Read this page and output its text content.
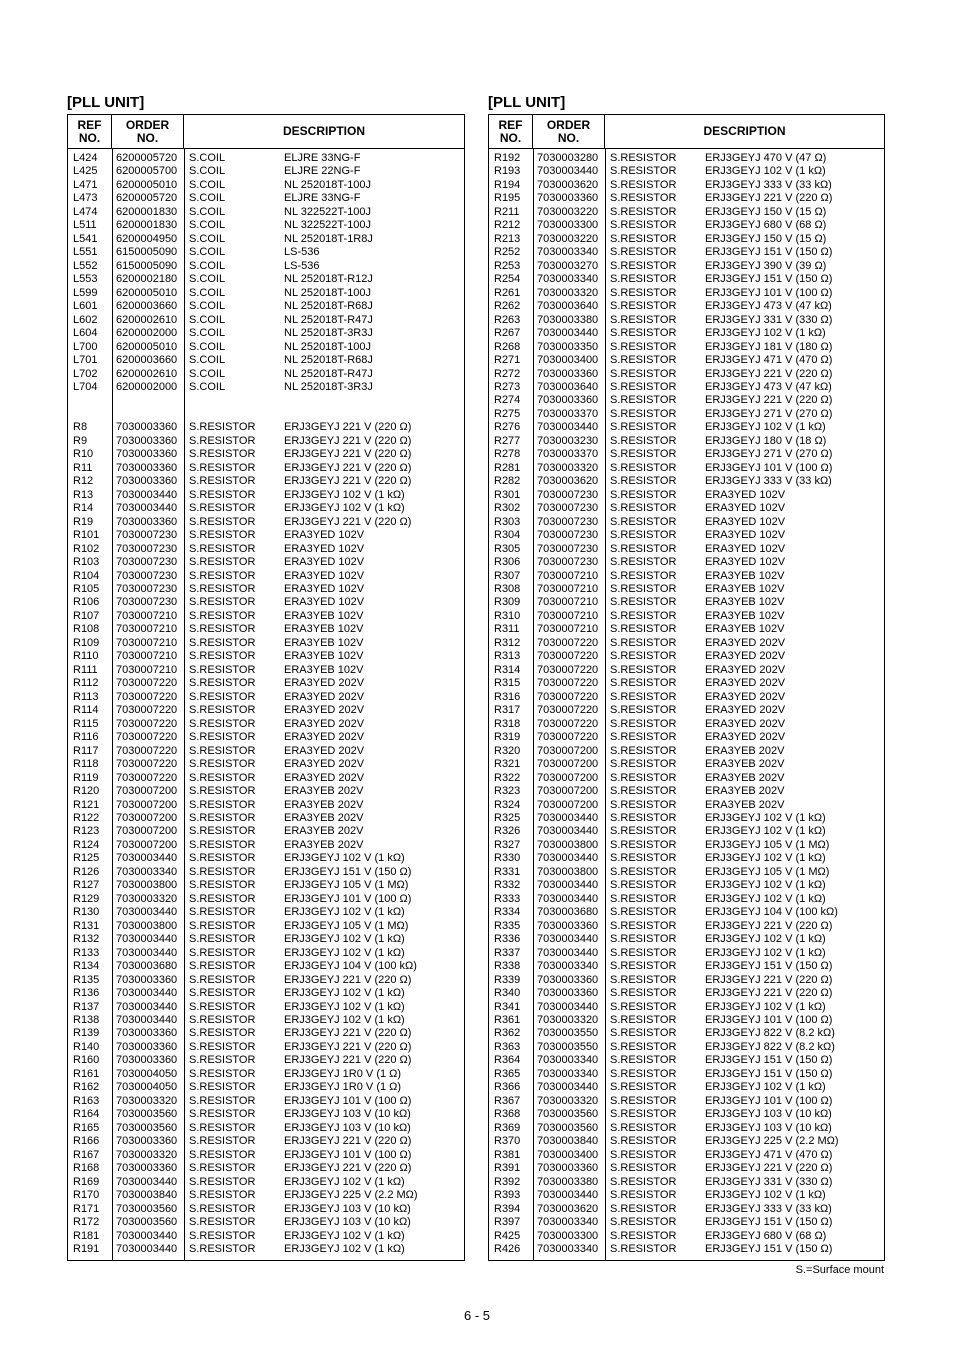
[PLL UNIT]
REF
NO.
ORDER
NO.	DESCRIPTION
L424	6200005720	S.COIL	ELJRE 33NG-F
L425	6200005700	S.COIL	ELJRE 22NG-F
L471	6200005010	S.COIL	NL 252018T-100J
L473	6200005720	S.COIL	ELJRE 33NG-F
L474	6200001830	S.COIL	NL 322522T-100J
L511	6200001830	S.COIL	NL 322522T-100J
L541	6200004950	S.COIL	NL 252018T-1R8J
L551	6150005090	S.COIL	LS-536
L552	6150005090	S.COIL	LS-536
L553	6200002180	S.COIL	NL 252018T-R12J
L599	6200005010	S.COIL	NL 252018T-100J
L601	6200003660	S.COIL	NL 252018T-R68J
L602	6200002610	S.COIL	NL 252018T-R47J
L604	6200002000	S.COIL	NL 252018T-3R3J
L700	6200005010	S.COIL	NL 252018T-100J
L701	6200003660	S.COIL	NL 252018T-R68J
L702	6200002610	S.COIL	NL 252018T-R47J
L704	6200002000	S.COIL	NL 252018T-3R3J
R8	7030003360	S.RESISTOR	ERJ3GEYJ 221 V (220 Ω)
R9	7030003360	S.RESISTOR	ERJ3GEYJ 221 V (220 Ω)
R10	7030003360	S.RESISTOR	ERJ3GEYJ 221 V (220 Ω)
R11	7030003360	S.RESISTOR	ERJ3GEYJ 221 V (220 Ω)
R12	7030003360	S.RESISTOR	ERJ3GEYJ 221 V (220 Ω)
R13	7030003440	S.RESISTOR	ERJ3GEYJ 102 V (1 kΩ)
R14	7030003440	S.RESISTOR	ERJ3GEYJ 102 V (1 kΩ)
R19	7030003360	S.RESISTOR	ERJ3GEYJ 221 V (220 Ω)
R101	7030007230	S.RESISTOR	ERA3YED 102V
R102	7030007230	S.RESISTOR	ERA3YED 102V
R103	7030007230	S.RESISTOR	ERA3YED 102V
R104	7030007230	S.RESISTOR	ERA3YED 102V
R105	7030007230	S.RESISTOR	ERA3YED 102V
R106	7030007230	S.RESISTOR	ERA3YED 102V
R107	7030007210	S.RESISTOR	ERA3YEB 102V
R108	7030007210	S.RESISTOR	ERA3YEB 102V
R109	7030007210	S.RESISTOR	ERA3YEB 102V
R110	7030007210	S.RESISTOR	ERA3YEB 102V
R111	7030007210	S.RESISTOR	ERA3YEB 102V
R112	7030007220	S.RESISTOR	ERA3YED 202V
R113	7030007220	S.RESISTOR	ERA3YED 202V
R114	7030007220	S.RESISTOR	ERA3YED 202V
R115	7030007220	S.RESISTOR	ERA3YED 202V
R116	7030007220	S.RESISTOR	ERA3YED 202V
R117	7030007220	S.RESISTOR	ERA3YED 202V
R118	7030007220	S.RESISTOR	ERA3YED 202V
R119	7030007220	S.RESISTOR	ERA3YED 202V
R120	7030007200	S.RESISTOR	ERA3YEB 202V
R121	7030007200	S.RESISTOR	ERA3YEB 202V
R122	7030007200	S.RESISTOR	ERA3YEB 202V
R123	7030007200	S.RESISTOR	ERA3YEB 202V
R124	7030007200	S.RESISTOR	ERA3YEB 202V
R125	7030003440	S.RESISTOR	ERJ3GEYJ 102 V (1 kΩ)
R126	7030003340	S.RESISTOR	ERJ3GEYJ 151 V (150 Ω)
R127	7030003800	S.RESISTOR	ERJ3GEYJ 105 V (1 MΩ)
R129	7030003320	S.RESISTOR	ERJ3GEYJ 101 V (100 Ω)
R130	7030003440	S.RESISTOR	ERJ3GEYJ 102 V (1 kΩ)
R131	7030003800	S.RESISTOR	ERJ3GEYJ 105 V (1 MΩ)
R132	7030003440	S.RESISTOR	ERJ3GEYJ 102 V (1 kΩ)
R133	7030003440	S.RESISTOR	ERJ3GEYJ 102 V (1 kΩ)
R134	7030003680	S.RESISTOR	ERJ3GEYJ 104 V (100 kΩ)
R135	7030003360	S.RESISTOR	ERJ3GEYJ 221 V (220 Ω)
R136	7030003440	S.RESISTOR	ERJ3GEYJ 102 V (1 kΩ)
R137	7030003440	S.RESISTOR	ERJ3GEYJ 102 V (1 kΩ)
R138	7030003440	S.RESISTOR	ERJ3GEYJ 102 V (1 kΩ)
R139	7030003360	S.RESISTOR	ERJ3GEYJ 221 V (220 Ω)
R140	7030003360	S.RESISTOR	ERJ3GEYJ 221 V (220 Ω)
R160	7030003360	S.RESISTOR	ERJ3GEYJ 221 V (220 Ω)
R161	7030004050	S.RESISTOR	ERJ3GEYJ 1R0 V (1 Ω)
R162	7030004050	S.RESISTOR	ERJ3GEYJ 1R0 V (1 Ω)
R163	7030003320	S.RESISTOR	ERJ3GEYJ 101 V (100 Ω)
R164	7030003560	S.RESISTOR	ERJ3GEYJ 103 V (10 kΩ)
R165	7030003560	S.RESISTOR	ERJ3GEYJ 103 V (10 kΩ)
R166	7030003360	S.RESISTOR	ERJ3GEYJ 221 V (220 Ω)
R167	7030003320	S.RESISTOR	ERJ3GEYJ 101 V (100 Ω)
R168	7030003360	S.RESISTOR	ERJ3GEYJ 221 V (220 Ω)
R169	7030003440	S.RESISTOR	ERJ3GEYJ 102 V (1 kΩ)
R170	7030003840	S.RESISTOR	ERJ3GEYJ 225 V (2.2 MΩ)
R171	7030003560	S.RESISTOR	ERJ3GEYJ 103 V (10 kΩ)
R172	7030003560	S.RESISTOR	ERJ3GEYJ 103 V (10 kΩ)
R181	7030003440	S.RESISTOR	ERJ3GEYJ 102 V (1 kΩ)
R191	7030003440	S.RESISTOR	ERJ3GEYJ 102 V (1 kΩ)
[PLL UNIT]
REF
NO.
ORDER
NO.	DESCRIPTION
R192	7030003280	S.RESISTOR	ERJ3GEYJ 470 V (47 Ω)
R193	7030003440	S.RESISTOR	ERJ3GEYJ 102 V (1 kΩ)
R194	7030003620	S.RESISTOR	ERJ3GEYJ 333 V (33 kΩ)
R195	7030003360	S.RESISTOR	ERJ3GEYJ 221 V (220 Ω)
R211	7030003220	S.RESISTOR	ERJ3GEYJ 150 V (15 Ω)
R212	7030003300	S.RESISTOR	ERJ3GEYJ 680 V (68 Ω)
R213	7030003220	S.RESISTOR	ERJ3GEYJ 150 V (15 Ω)
R252	7030003340	S.RESISTOR	ERJ3GEYJ 151 V (150 Ω)
R253	7030003270	S.RESISTOR	ERJ3GEYJ 390 V (39 Ω)
R254	7030003340	S.RESISTOR	ERJ3GEYJ 151 V (150 Ω)
R261	7030003320	S.RESISTOR	ERJ3GEYJ 101 V (100 Ω)
R262	7030003640	S.RESISTOR	ERJ3GEYJ 473 V (47 kΩ)
R263	7030003380	S.RESISTOR	ERJ3GEYJ 331 V (330 Ω)
R267	7030003440	S.RESISTOR	ERJ3GEYJ 102 V (1 kΩ)
R268	7030003350	S.RESISTOR	ERJ3GEYJ 181 V (180 Ω)
R271	7030003400	S.RESISTOR	ERJ3GEYJ 471 V (470 Ω)
R272	7030003360	S.RESISTOR	ERJ3GEYJ 221 V (220 Ω)
R273	7030003640	S.RESISTOR	ERJ3GEYJ 473 V (47 kΩ)
R274	7030003360	S.RESISTOR	ERJ3GEYJ 221 V (220 Ω)
R275	7030003370	S.RESISTOR	ERJ3GEYJ 271 V (270 Ω)
R276	7030003440	S.RESISTOR	ERJ3GEYJ 102 V (1 kΩ)
R277	7030003230	S.RESISTOR	ERJ3GEYJ 180 V (18 Ω)
R278	7030003370	S.RESISTOR	ERJ3GEYJ 271 V (270 Ω)
R281	7030003320	S.RESISTOR	ERJ3GEYJ 101 V (100 Ω)
R282	7030003620	S.RESISTOR	ERJ3GEYJ 333 V (33 kΩ)
R301	7030007230	S.RESISTOR	ERA3YED 102V
R302	7030007230	S.RESISTOR	ERA3YED 102V
R303	7030007230	S.RESISTOR	ERA3YED 102V
R304	7030007230	S.RESISTOR	ERA3YED 102V
R305	7030007230	S.RESISTOR	ERA3YED 102V
R306	7030007230	S.RESISTOR	ERA3YED 102V
R307	7030007210	S.RESISTOR	ERA3YEB 102V
R308	7030007210	S.RESISTOR	ERA3YEB 102V
R309	7030007210	S.RESISTOR	ERA3YEB 102V
R310	7030007210	S.RESISTOR	ERA3YEB 102V
R311	7030007210	S.RESISTOR	ERA3YEB 102V
R312	7030007220	S.RESISTOR	ERA3YED 202V
R313	7030007220	S.RESISTOR	ERA3YED 202V
R314	7030007220	S.RESISTOR	ERA3YED 202V
R315	7030007220	S.RESISTOR	ERA3YED 202V
R316	7030007220	S.RESISTOR	ERA3YED 202V
R317	7030007220	S.RESISTOR	ERA3YED 202V
R318	7030007220	S.RESISTOR	ERA3YED 202V
R319	7030007220	S.RESISTOR	ERA3YED 202V
R320	7030007200	S.RESISTOR	ERA3YEB 202V
R321	7030007200	S.RESISTOR	ERA3YEB 202V
R322	7030007200	S.RESISTOR	ERA3YEB 202V
R323	7030007200	S.RESISTOR	ERA3YEB 202V
R324	7030007200	S.RESISTOR	ERA3YEB 202V
R325	7030003440	S.RESISTOR	ERJ3GEYJ 102 V (1 kΩ)
R326	7030003440	S.RESISTOR	ERJ3GEYJ 102 V (1 kΩ)
R327	7030003800	S.RESISTOR	ERJ3GEYJ 105 V (1 MΩ)
R330	7030003440	S.RESISTOR	ERJ3GEYJ 102 V (1 kΩ)
R331	7030003800	S.RESISTOR	ERJ3GEYJ 105 V (1 MΩ)
R332	7030003440	S.RESISTOR	ERJ3GEYJ 102 V (1 kΩ)
R333	7030003440	S.RESISTOR	ERJ3GEYJ 102 V (1 kΩ)
R334	7030003680	S.RESISTOR	ERJ3GEYJ 104 V (100 kΩ)
R335	7030003360	S.RESISTOR	ERJ3GEYJ 221 V (220 Ω)
R336	7030003440	S.RESISTOR	ERJ3GEYJ 102 V (1 kΩ)
R337	7030003440	S.RESISTOR	ERJ3GEYJ 102 V (1 kΩ)
R338	7030003340	S.RESISTOR	ERJ3GEYJ 151 V (150 Ω)
R339	7030003360	S.RESISTOR	ERJ3GEYJ 221 V (220 Ω)
R340	7030003360	S.RESISTOR	ERJ3GEYJ 221 V (220 Ω)
R341	7030003440	S.RESISTOR	ERJ3GEYJ 102 V (1 kΩ)
R361	7030003320	S.RESISTOR	ERJ3GEYJ 101 V (100 Ω)
R362	7030003550	S.RESISTOR	ERJ3GEYJ 822 V (8.2 kΩ)
R363	7030003550	S.RESISTOR	ERJ3GEYJ 822 V (8.2 kΩ)
R364	7030003340	S.RESISTOR	ERJ3GEYJ 151 V (150 Ω)
R365	7030003340	S.RESISTOR	ERJ3GEYJ 151 V (150 Ω)
R366	7030003440	S.RESISTOR	ERJ3GEYJ 102 V (1 kΩ)
R367	7030003320	S.RESISTOR	ERJ3GEYJ 101 V (100 Ω)
R368	7030003560	S.RESISTOR	ERJ3GEYJ 103 V (10 kΩ)
R369	7030003560	S.RESISTOR	ERJ3GEYJ 103 V (10 kΩ)
R370	7030003840	S.RESISTOR	ERJ3GEYJ 225 V (2.2 MΩ)
R381	7030003400	S.RESISTOR	ERJ3GEYJ 471 V (470 Ω)
R391	7030003360	S.RESISTOR	ERJ3GEYJ 221 V (220 Ω)
R392	7030003380	S.RESISTOR	ERJ3GEYJ 331 V (330 Ω)
R393	7030003440	S.RESISTOR	ERJ3GEYJ 102 V (1 kΩ)
R394	7030003620	S.RESISTOR	ERJ3GEYJ 333 V (33 kΩ)
R397	7030003340	S.RESISTOR	ERJ3GEYJ 151 V (150 Ω)
R425	7030003300	S.RESISTOR	ERJ3GEYJ 680 V (68 Ω)
R426	7030003340	S.RESISTOR	ERJ3GEYJ 151 V (150 Ω)
S.=Surface mount
6 - 5
